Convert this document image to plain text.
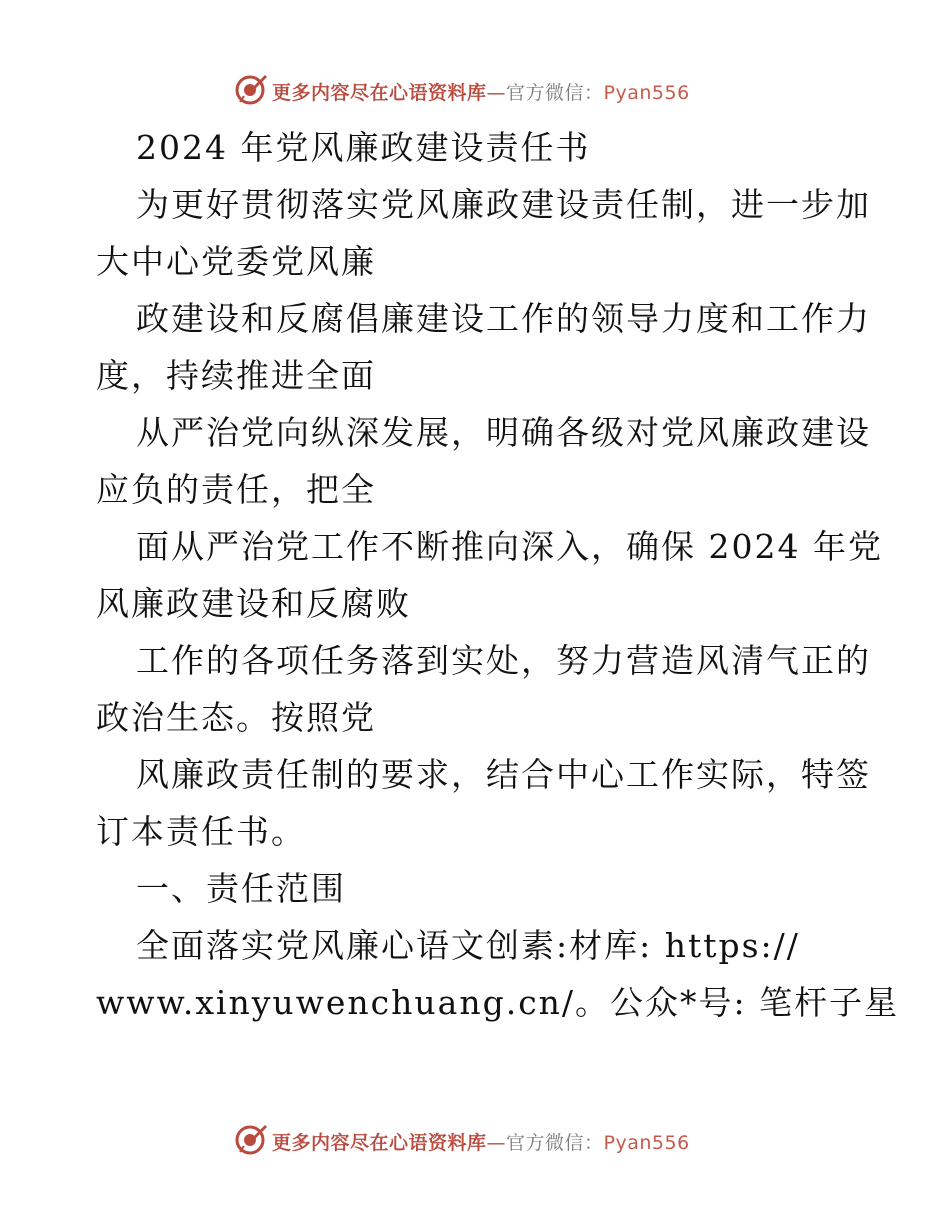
更多内容尽在心语资料库—官方微信：Pyan556
2024 年党风廉政建设责任书
为更好贯彻落实党风廉政建设责任制，进一步加
大中心党委党风廉
政建设和反腐倡廉建设工作的领导力度和工作力
度，持续推进全面
从严治党向纵深发展，明确各级对党风廉政建设
应负的责任，把全
面从严治党工作不断推向深入，确保 2024 年党
风廉政建设和反腐败
工作的各项任务落到实处，努力营造风清气正的
政治生态。按照党
风廉政责任制的要求，结合中心工作实际，特签
订本责任书。
一、责任范围
全面落实党风廉心语文创素:材库: https://
www.xinyuwenchuang.cn/。公众*号: 笔杆子星
更多内容尽在心语资料库—官方微信：Pyan556
